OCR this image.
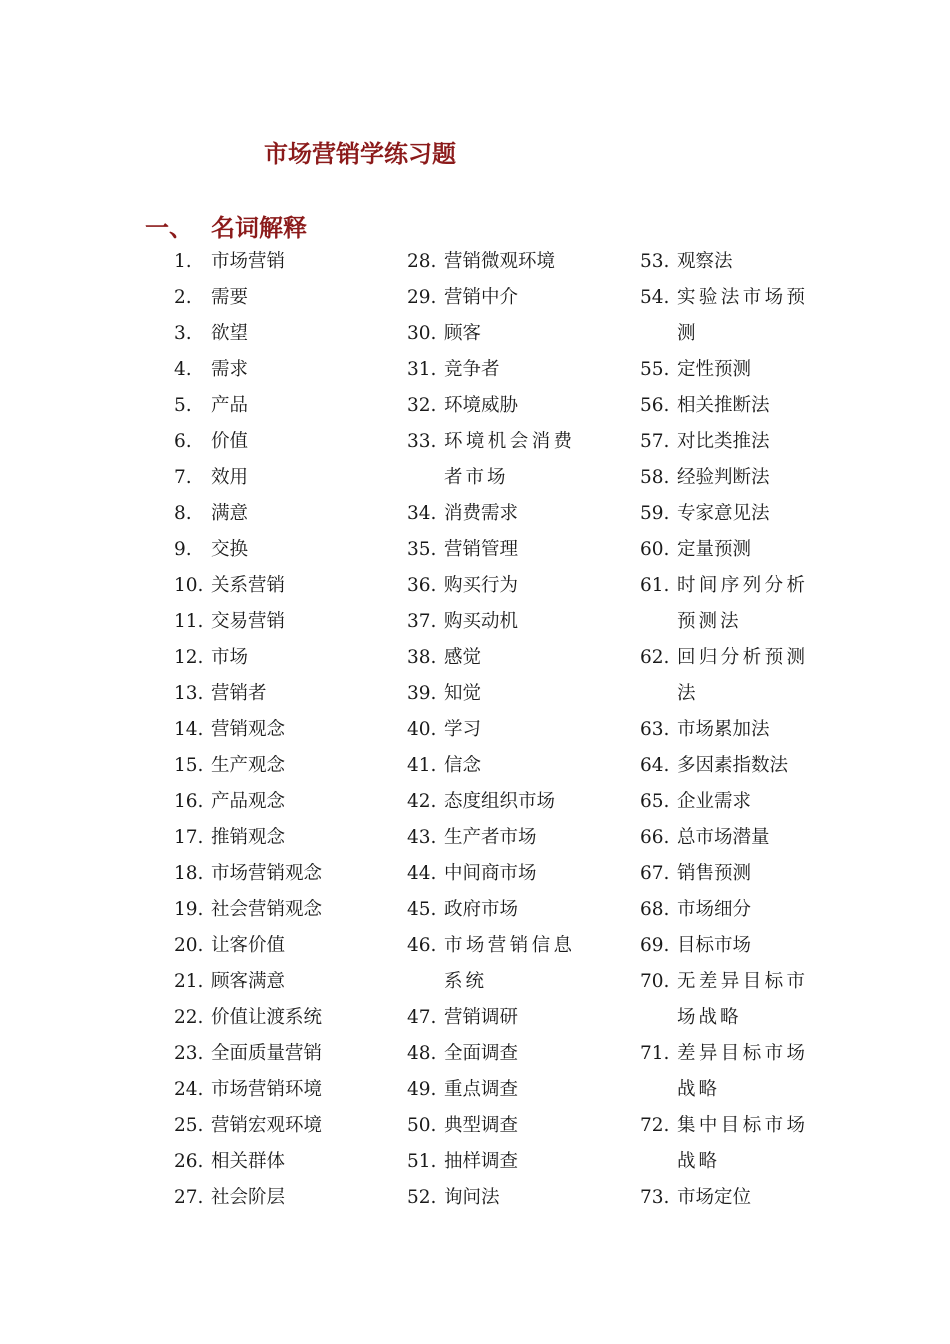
市场营销学练习题
一、 名词解释
1.	市场营销
2.	需要
3.	欲望
4.	需求
5.	产品
6.	价值
7.	效用
8.	满意
9.	交换
10. 关系营销
11. 交易营销
12. 市场
13. 营销者
14. 营销观念
15. 生产观念
16. 产品观念
17. 推销观念
18. 市场营销观念
19. 社会营销观念
20. 让客价值
21. 顾客满意
22. 价值让渡系统
23. 全面质量营销
24. 市场营销环境
25. 营销宏观环境
26. 相关群体
27. 社会阶层
28. 营销微观环境
29. 营销中介
30. 顾客
31. 竞争者
32. 环境威胁
33. 环境机会消费者市场
34. 消费需求
35. 营销管理
36. 购买行为
37. 购买动机
38. 感觉
39. 知觉
40. 学习
41. 信念
42. 态度组织市场
43. 生产者市场
44. 中间商市场
45. 政府市场
46. 市场营销信息系统
47. 营销调研
48. 全面调查
49. 重点调查
50. 典型调查
51. 抽样调查
52. 询问法
53. 观察法
54. 实验法市场预测
55. 定性预测
56. 相关推断法
57. 对比类推法
58. 经验判断法
59. 专家意见法
60. 定量预测
61. 时间序列分析预测法
62. 回归分析预测法
63. 市场累加法
64. 多因素指数法
65. 企业需求
66. 总市场潜量
67. 销售预测
68. 市场细分
69. 目标市场
70. 无差异目标市场战略
71. 差异目标市场战略
72. 集中目标市场战略
73. 市场定位
